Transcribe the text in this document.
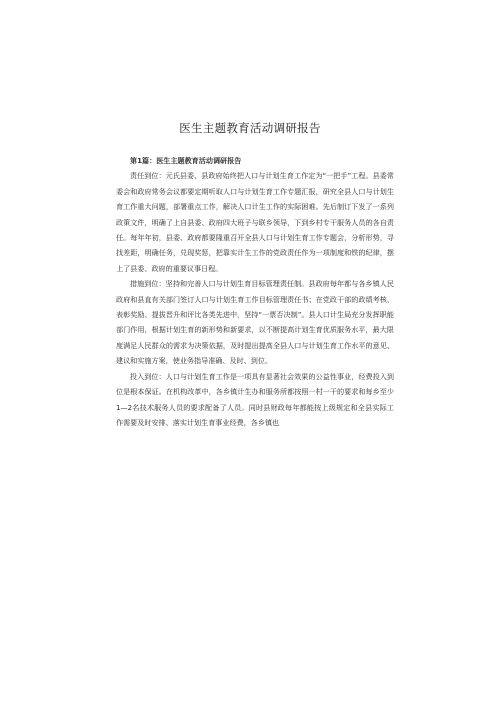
医生主题教育活动调研报告

第1篇：医生主题教育活动调研报告

责任到位：元氏县委、县政府始终把人口与计划生育工作定为“一把手”工程。县委常委会和政府常务会议都要定期听取人口与计划生育工作专题汇报，研究全县人口与计划生育工作重大问题，部署重点工作，解决人口计生工作的实际困难。先后制订下发了一系列政策文件，明确了上自县委、政府四大班子与联乡领导，下到乡村专干服务人员的各自责任。每年年初，县委、政府都要隆重召开全县人口与计划生育工作专题会，分析形势，寻找差距，明确任务，兑现奖惩，把靠实计生工作的党政责任作为一项制度和铁的纪律，摆上了县委、政府的重要议事日程。

措施到位：坚持和完善人口与计划生育目标管理责任制。县政府每年都与各乡镇人民政府和县直有关部门签订人口与计划生育工作目标管理责任书；在党政干部的政绩考核、表彰奖励、提拔晋升和评比各类先进中，坚持“一票否决制”。县人口计生局充分发挥职能部门作用，根据计划生育的新形势和新要求，以不断提高计划生育优质服务水平，最大限度满足人民群众的需求为决策依据，及时提出提高全县人口与计划生育工作水平的意见、建议和实施方案，使业务指导准确、及时、到位。

投入到位：人口与计划生育工作是一项具有显著社会效果的公益性事业，经费投入到位是根本保证。在机构改革中，各乡镇计生办和服务所都按照一村一干的要求和每乡至少1—2名技术服务人员的要求配备了人员。同时县财政每年都能按上级规定和全县实际工作需要及时安排、落实计划生育事业经费，各乡镇也
